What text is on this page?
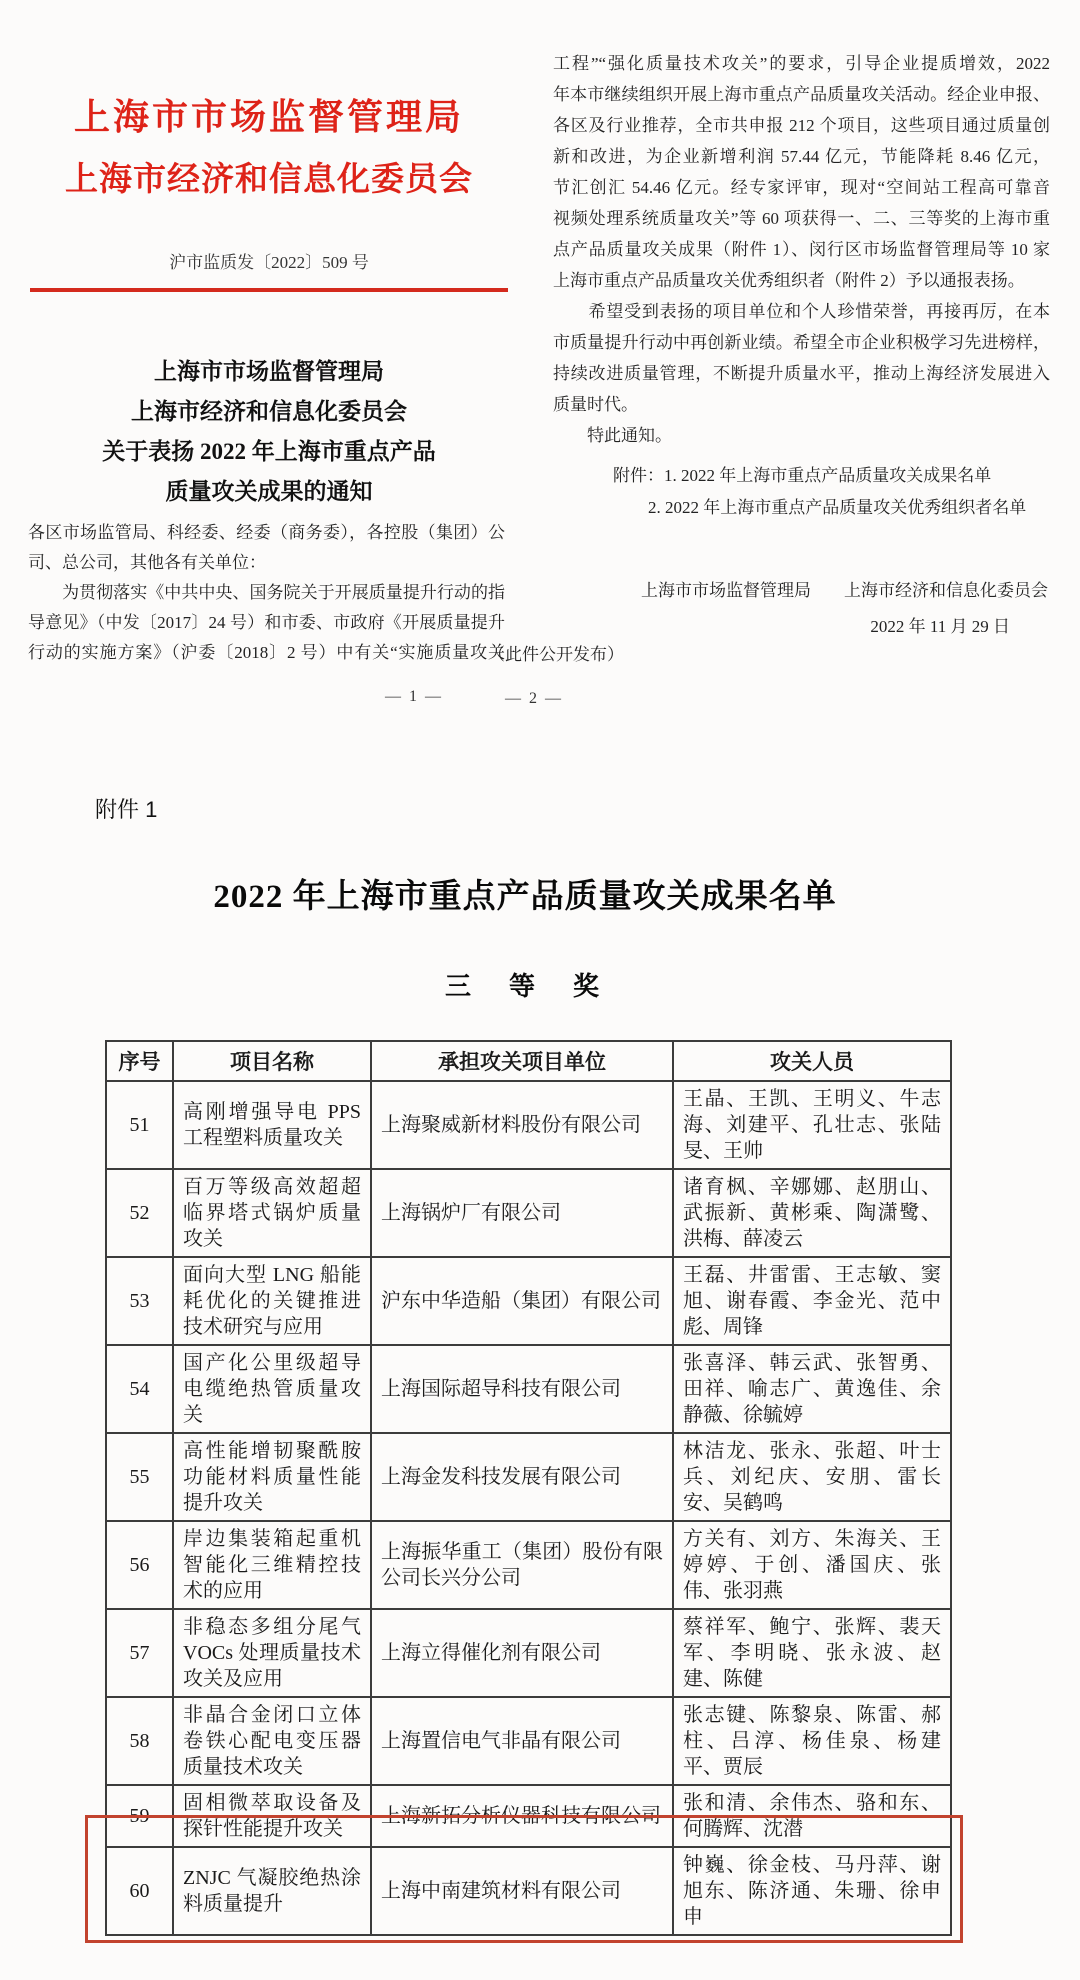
上海市市场监督管理局
上海市经济和信息化委员会
沪市监质发〔2022〕509 号
上海市市场监督管理局
上海市经济和信息化委员会
关于表扬 2022 年上海市重点产品
质量攻关成果的通知
各区市场监管局、科经委、经委（商务委），各控股（集团）公
司、总公司，其他各有关单位：
　　为贯彻落实《中共中央、国务院关于开展质量提升行动的指
导意见》（中发〔2017〕24 号）和市委、市政府《开展质量提升
行动的实施方案》（沪委〔2018〕2 号）中有关“实施质量攻关
工程”“强化质量技术攻关”的要求，引导企业提质增效，2022
年本市继续组织开展上海市重点产品质量攻关活动。经企业申报、
各区及行业推荐，全市共申报 212 个项目，这些项目通过质量创
新和改进，为企业新增利润 57.44 亿元，节能降耗 8.46 亿元，
节汇创汇 54.46 亿元。经专家评审，现对“空间站工程高可靠音
视频处理系统质量攻关”等 60 项获得一、二、三等奖的上海市重
点产品质量攻关成果（附件 1）、闵行区市场监督管理局等 10 家
上海市重点产品质量攻关优秀组织者（附件 2）予以通报表扬。
　　希望受到表扬的项目单位和个人珍惜荣誉，再接再厉，在本
市质量提升行动中再创新业绩。希望全市企业积极学习先进榜样，
持续改进质量管理，不断提升质量水平，推动上海经济发展进入
质量时代。
　　特此通知。
附件：1. 2022 年上海市重点产品质量攻关成果名单
2. 2022 年上海市重点产品质量攻关优秀组织者名单
上海市市场监督管理局 上海市经济和信息化委员会
2022 年 11 月 29 日
（此件公开发布）
— 1 —	— 2 —
附件 1
2022 年上海市重点产品质量攻关成果名单
三　等　奖
序号	项目名称	承担攻关项目单位	攻关人员
51	高刚增强导电 PPS 工程塑料质量攻关	上海聚威新材料股份有限公司	王晶、王凯、王明义、牛志海、刘建平、孔壮志、张陆旻、王帅
52	百万等级高效超超临界塔式锅炉质量攻关	上海锅炉厂有限公司	诸育枫、辛娜娜、赵朋山、武振新、黄彬乘、陶潇鹭、洪梅、薛凌云
53	面向大型 LNG 船能耗优化的关键推进技术研究与应用	沪东中华造船（集团）有限公司	王磊、井雷雷、王志敏、窦旭、谢春霞、李金光、范中彪、周锋
54	国产化公里级超导电缆绝热管质量攻关	上海国际超导科技有限公司	张喜泽、韩云武、张智勇、田祥、喻志广、黄逸佳、余静薇、徐毓婷
55	高性能增韧聚酰胺功能材料质量性能提升攻关	上海金发科技发展有限公司	林洁龙、张永、张超、叶士兵、刘纪庆、安朋、雷长安、吴鹤鸣
56	岸边集装箱起重机智能化三维精控技术的应用	上海振华重工（集团）股份有限公司长兴分公司	方关有、刘方、朱海关、王婷婷、于创、潘国庆、张伟、张羽燕
57	非稳态多组分尾气 VOCs 处理质量技术攻关及应用	上海立得催化剂有限公司	蔡祥军、鲍宁、张辉、裴天军、李明晓、张永波、赵建、陈健
58	非晶合金闭口立体卷铁心配电变压器质量技术攻关	上海置信电气非晶有限公司	张志键、陈黎泉、陈雷、郝柱、吕淳、杨佳泉、杨建平、贾辰
59	固相微萃取设备及探针性能提升攻关	上海新拓分析仪器科技有限公司	张和清、余伟杰、骆和东、何腾辉、沈潜
60	ZNJC 气凝胶绝热涂料质量提升	上海中南建筑材料有限公司	钟巍、徐金枝、马丹萍、谢旭东、陈济通、朱珊、徐申申
